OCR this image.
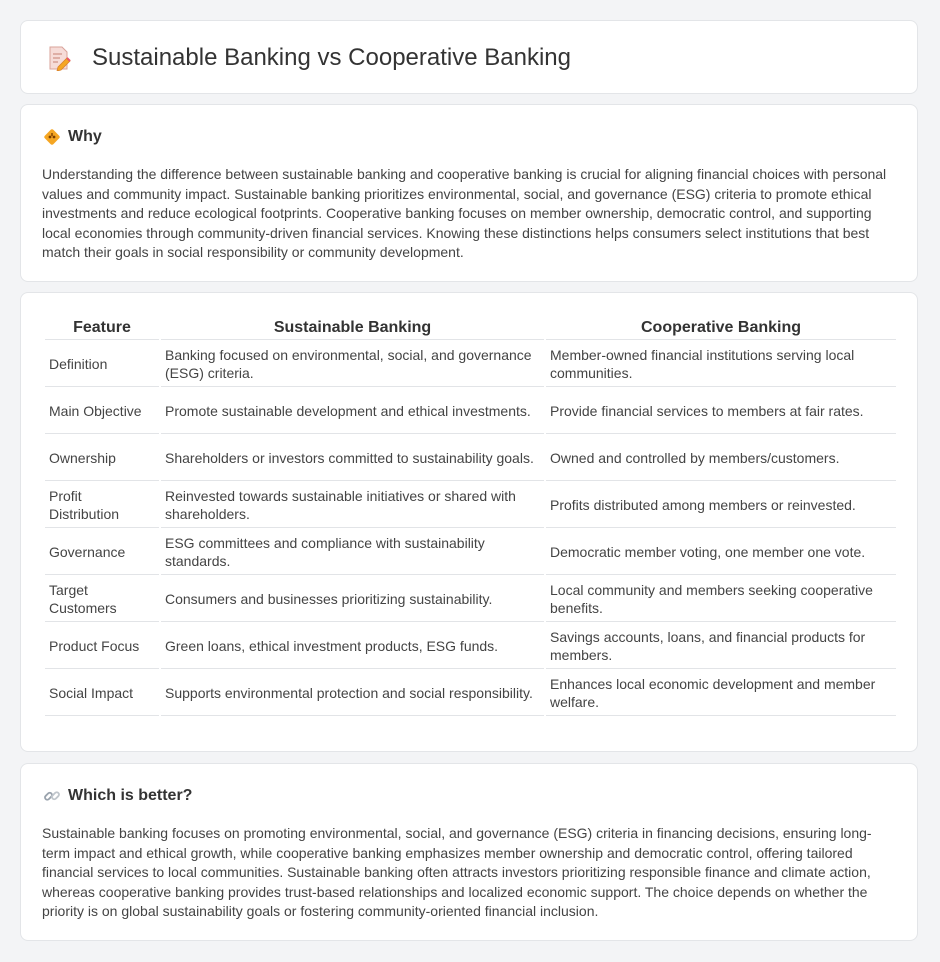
Sustainable Banking vs Cooperative Banking
Why

Understanding the difference between sustainable banking and cooperative banking is crucial for aligning financial choices with personal values and community impact. Sustainable banking prioritizes environmental, social, and governance (ESG) criteria to promote ethical investments and reduce ecological footprints. Cooperative banking focuses on member ownership, democratic control, and supporting local economies through community-driven financial services. Knowing these distinctions helps consumers select institutions that best match their goals in social responsibility or community development.

Feature	Sustainable Banking	Cooperative Banking
Definition	Banking focused on environmental, social, and governance (ESG) criteria.	Member-owned financial institutions serving local communities.
Main Objective	Promote sustainable development and ethical investments.	Provide financial services to members at fair rates.
Ownership	Shareholders or investors committed to sustainability goals.	Owned and controlled by members/customers.
Profit Distribution	Reinvested towards sustainable initiatives or shared with shareholders.	Profits distributed among members or reinvested.
Governance	ESG committees and compliance with sustainability standards.	Democratic member voting, one member one vote.
Target Customers	Consumers and businesses prioritizing sustainability.	Local community and members seeking cooperative benefits.
Product Focus	Green loans, ethical investment products, ESG funds.	Savings accounts, loans, and financial products for members.
Social Impact	Supports environmental protection and social responsibility.	Enhances local economic development and member welfare.
Which is better?

Sustainable banking focuses on promoting environmental, social, and governance (ESG) criteria in financing decisions, ensuring long-term impact and ethical growth, while cooperative banking emphasizes member ownership and democratic control, offering tailored financial services to local communities. Sustainable banking often attracts investors prioritizing responsible finance and climate action, whereas cooperative banking provides trust-based relationships and localized economic support. The choice depends on whether the priority is on global sustainability goals or fostering community-oriented financial inclusion.
